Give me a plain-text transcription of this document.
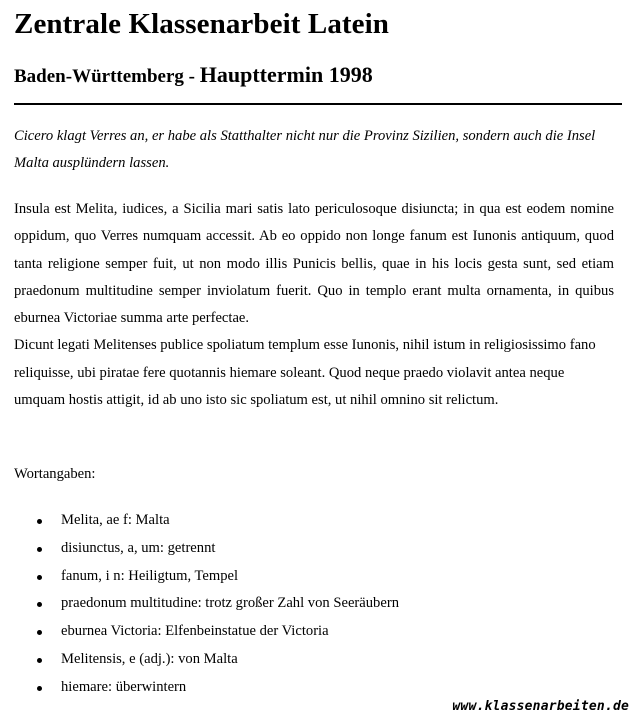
Zentrale Klassenarbeit Latein
Baden-Württemberg - Haupttermin 1998

Cicero klagt Verres an, er habe als Statthalter nicht nur die Provinz Sizilien, sondern auch die Insel Malta ausplündern lassen.

Insula est Melita, iudices, a Sicilia mari satis lato periculosoque disiuncta; in qua est eodem nomine oppidum, quo Verres numquam accessit. Ab eo oppido non longe fanum est Iunonis antiquum, quod tanta religione semper fuit, ut non modo illis Punicis bellis, quae in his locis gesta sunt, sed etiam praedonum multitudine semper inviolatum fuerit. Quo in templo erant multa ornamenta, in quibus eburnea Victoriae summa arte perfectae.

Dicunt legati Melitenses publice spoliatum templum esse Iunonis, nihil istum in religiosissimo fano reliquisse, ubi piratae fere quotannis hiemare soleant. Quod neque praedo violavit antea neque umquam hostis attigit, id ab uno isto sic spoliatum est, ut nihil omnino sit relictum.

Wortangaben:

Melita, ae f: Malta
disiunctus, a, um: getrennt
fanum, i n: Heiligtum, Tempel
praedonum multitudine: trotz großer Zahl von Seeräubern
eburnea Victoria: Elfenbeinstatue der Victoria
Melitensis, e (adj.): von Malta
hiemare: überwintern
www.klassenarbeiten.de
